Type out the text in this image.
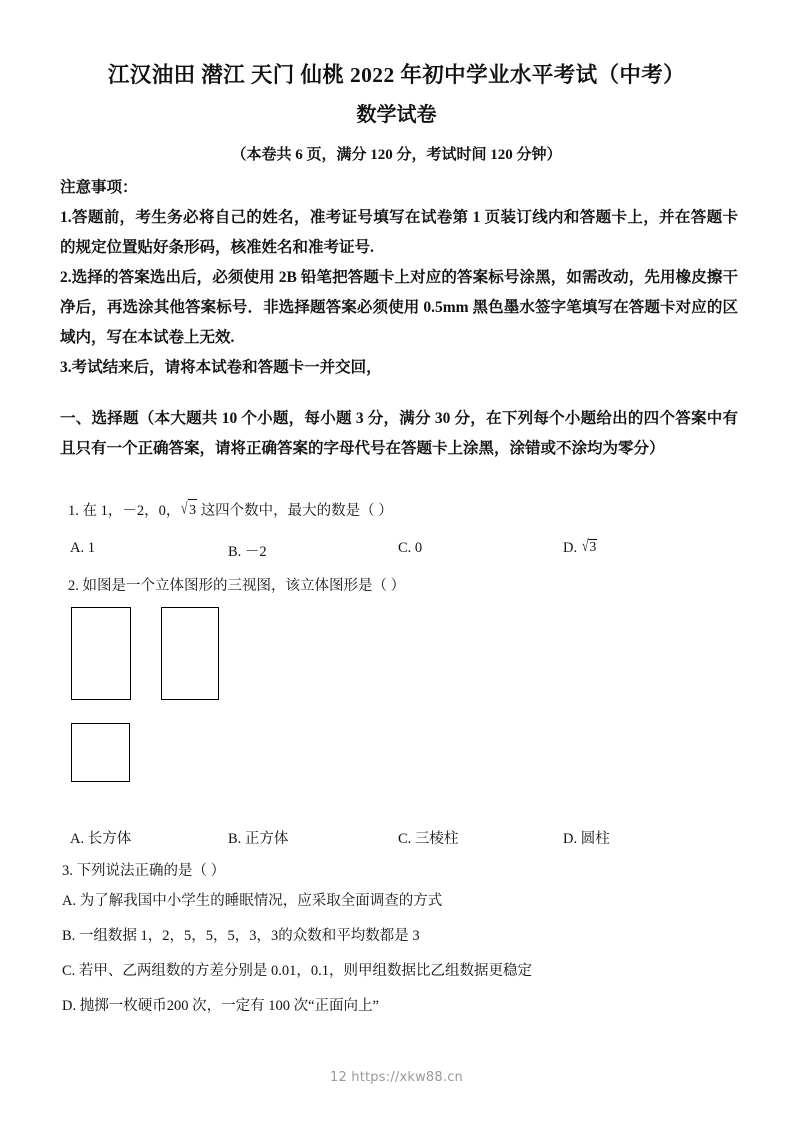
江汉油田 潜江 天门 仙桃 2022 年初中学业水平考试（中考）
数学试卷
（本卷共 6 页，满分 120 分，考试时间 120 分钟）
注意事项：

1.答题前，考生务必将自己的姓名，准考证号填写在试卷第 1 页装订线内和答题卡上，并在答题卡的规定位置贴好条形码，核准姓名和准考证号.

2.选择的答案选出后，必须使用 2B 铅笔把答题卡上对应的答案标号涂黑，如需改动，先用橡皮擦干净后，再选涂其他答案标号．非选择题答案必须使用 0.5mm 黑色墨水签字笔填写在答题卡对应的区域内，写在本试卷上无效.

3.考试结来后，请将本试卷和答题卡一并交回，

一、选择题（本大题共 10 个小题，每小题 3 分，满分 30 分，在下列每个小题给出的四个答案中有且只有一个正确答案，请将正确答案的字母代号在答题卡上涂黑，涂错或不涂均为零分）
1. 在 1，－2，0，√3 这四个数中，最大的数是（ ）
A. 1	B. －2	C. 0	D. √3
2. 如图是一个立体图形的三视图，该立体图形是（ ）
A. 长方体	B. 正方体	C. 三棱柱	D. 圆柱
3. 下列说法正确的是（ ）
A. 为了解我国中小学生的睡眠情况，应采取全面调查的方式
B. 一组数据 1，2，5，5，5，3，3的众数和平均数都是 3
C. 若甲、乙两组数的方差分别是 0.01，0.1，则甲组数据比乙组数据更稳定
D. 抛掷一枚硬币200 次，一定有 100 次“正面向上”
12 https://xkw88.cn
